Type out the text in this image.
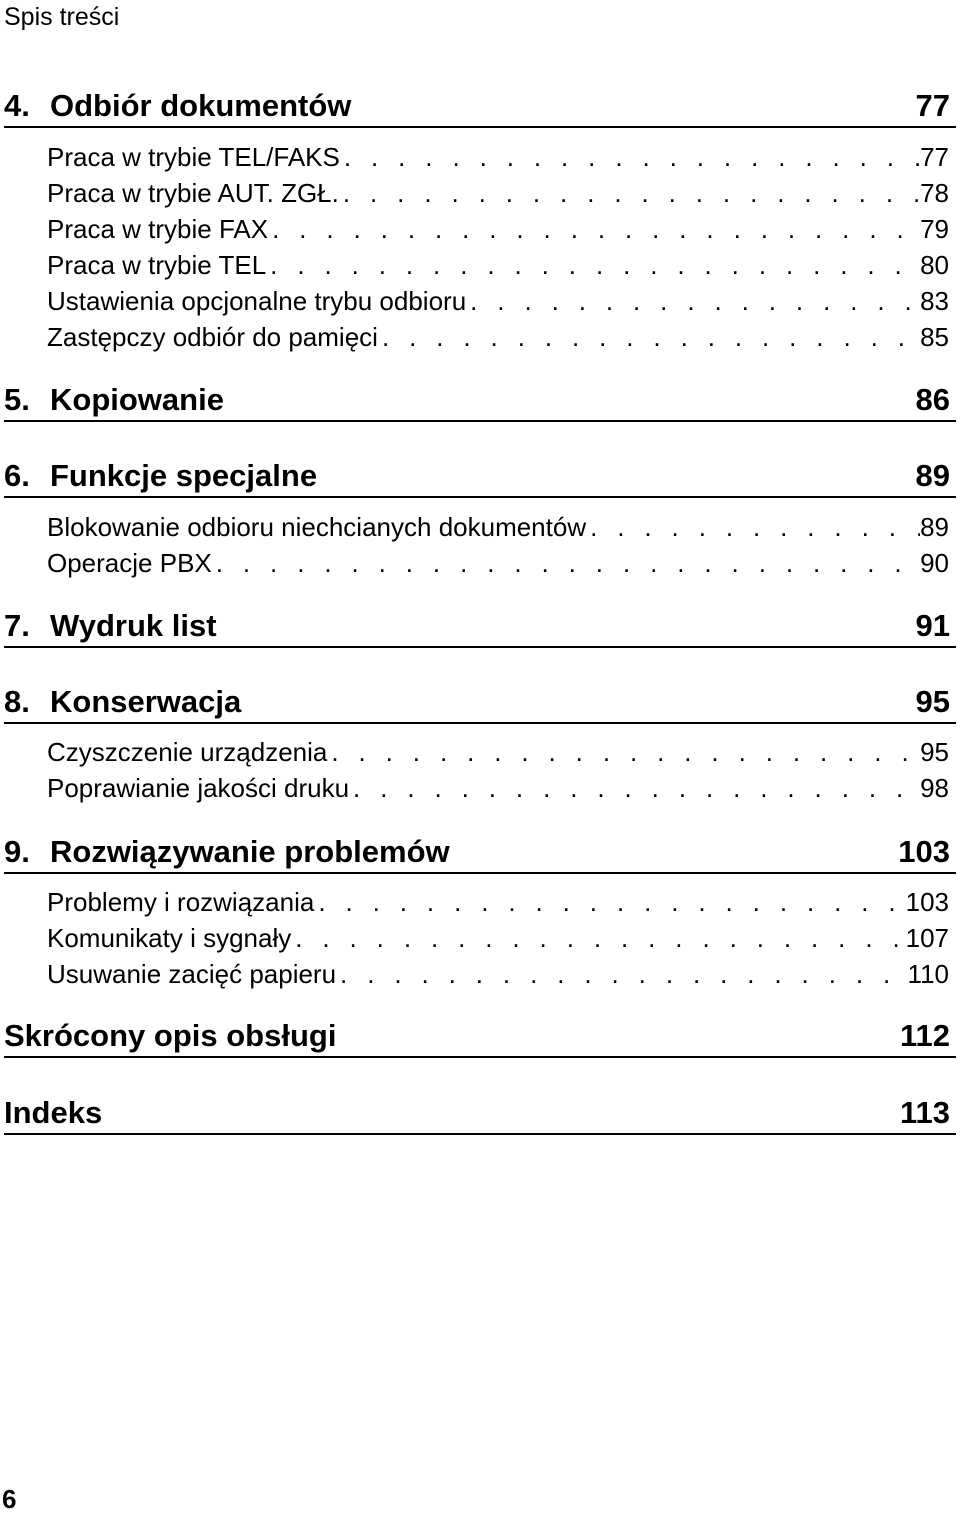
Spis treści
4. Odbiór dokumentów	77
Praca w trybie TEL/FAKS . . .	77
Praca w trybie AUT. ZGŁ. . . .	78
Praca w trybie FAX . . .	79
Praca w trybie TEL . . .	80
Ustawienia opcjonalne trybu odbioru . . .	83
Zastępczy odbiór do pamięci . . .	85
5. Kopiowanie	86
6. Funkcje specjalne	89
Blokowanie odbioru niechcianych dokumentów . . .	89
Operacje PBX . . .	90
7. Wydruk list	91
8. Konserwacja	95
Czyszczenie urządzenia . . .	95
Poprawianie jakości druku . . .	98
9. Rozwiązywanie problemów	103
Problemy i rozwiązania . . .	103
Komunikaty i sygnały . . .	107
Usuwanie zacięć papieru . . .	110
Skrócony opis obsługi	112
Indeks	113
6
